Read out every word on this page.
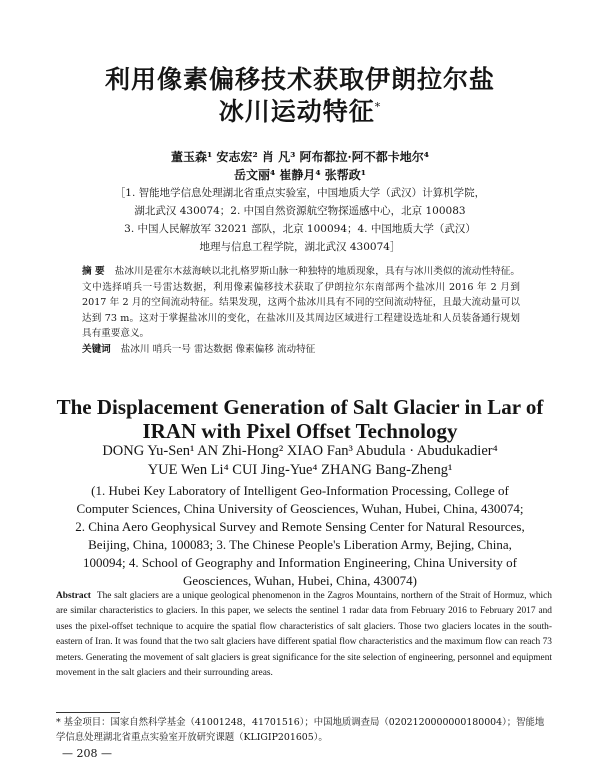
利用像素偏移技术获取伊朗拉尔盐
冰川运动特征*
董玉森¹ 安志宏² 肖 凡³ 阿布都拉·阿不都卡地尔⁴
岳文丽⁴ 崔静月⁴ 张帮政¹
［1. 智能地学信息处理湖北省重点实验室，中国地质大学（武汉）计算机学院，
湖北武汉 430074；2. 中国自然资源航空物探遥感中心，北京 100083
3. 中国人民解放军 32021 部队，北京 100094；4. 中国地质大学（武汉）
地理与信息工程学院，湖北武汉 430074］
摘 要 盐冰川是霍尔木兹海峡以北扎格罗斯山脉一种独特的地质现象，具有与冰川类似的流动性特征。文中选择哨兵一号雷达数据，利用像素偏移技术获取了伊朗拉尔东南部两个盐冰川 2016 年 2 月到 2017 年 2 月的空间流动特征。结果发现，这两个盐冰川具有不同的空间流动特征，且最大流动量可以达到 73 m。这对于掌握盐冰川的变化，在盐冰川及其周边区域进行工程建设选址和人员装备通行规划具有重要意义。
关键词 盐冰川 哨兵一号 雷达数据 像素偏移 流动特征
The Displacement Generation of Salt Glacier in Lar of
IRAN with Pixel Offset Technology
DONG Yu-Sen¹ AN Zhi-Hong² XIAO Fan³ Abudula · Abudukadier⁴
YUE Wen Li⁴ CUI Jing-Yue⁴ ZHANG Bang-Zheng¹
(1. Hubei Key Laboratory of Intelligent Geo-Information Processing, College of
Computer Sciences, China University of Geosciences, Wuhan, Hubei, China, 430074;
2. China Aero Geophysical Survey and Remote Sensing Center for Natural Resources,
Beijing, China, 100083; 3. The Chinese People's Liberation Army, Bejing, China,
100094; 4. School of Geography and Information Engineering, China University of
Geosciences, Wuhan, Hubei, China, 430074)
Abstract The salt glaciers are a unique geological phenomenon in the Zagros Mountains, northern of the Strait of Hormuz, which are similar characteristics to glaciers. In this paper, we selects the sentinel 1 radar data from February 2016 to February 2017 and uses the pixel-offset technique to acquire the spatial flow characteristics of salt glaciers. Those two glaciers locates in the south-eastern of Iran. It was found that the two salt glaciers have different spatial flow characteristics and the maximum flow can reach 73 meters. Generating the movement of salt glaciers is great significance for the site selection of engineering, personnel and equipment movement in the salt glaciers and their surrounding areas.
* 基金项目：国家自然科学基金（41001248，41701516）；中国地质调查局（0202120000000180004）；智能地学信息处理湖北省重点实验室开放研究课题（KLIGIP201605）。
— 208 —
